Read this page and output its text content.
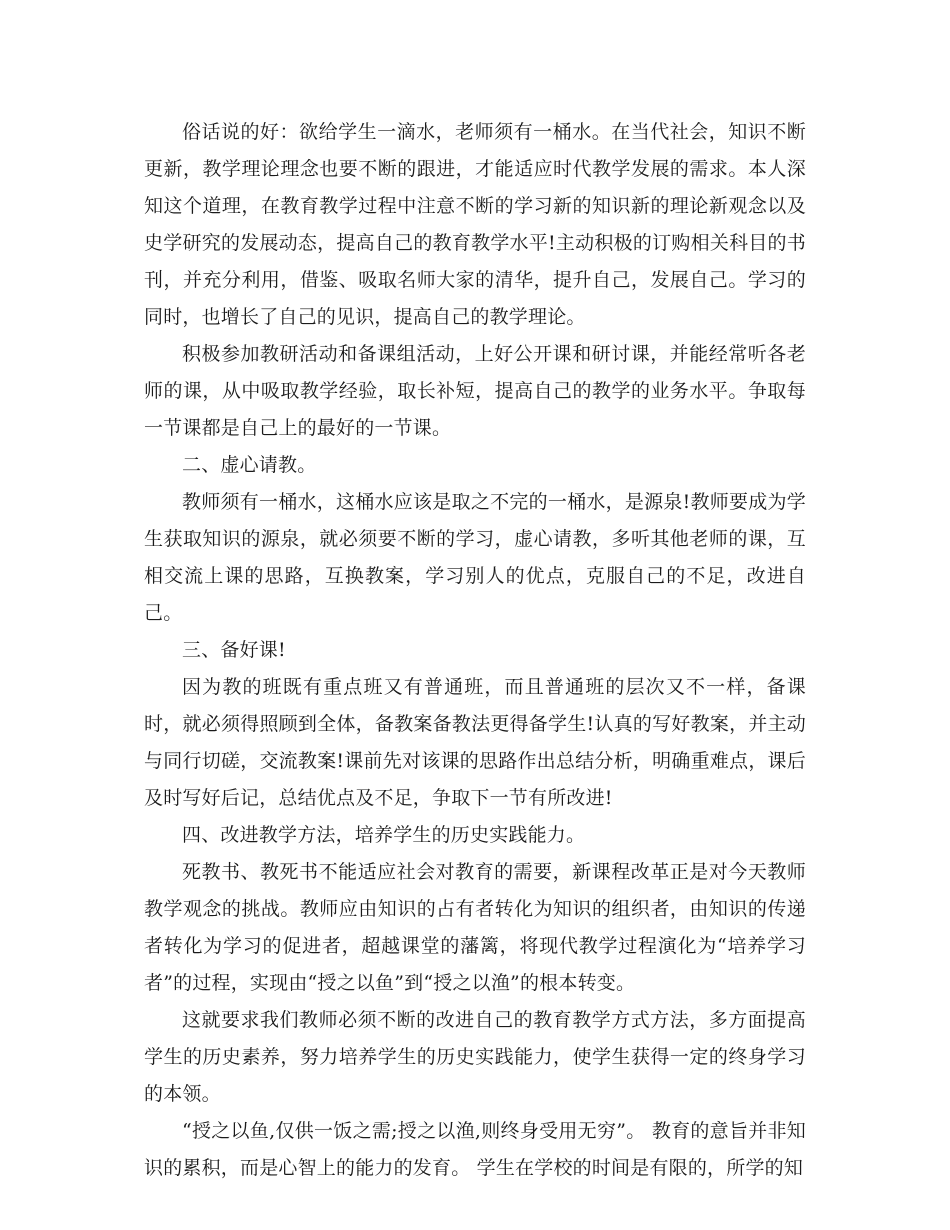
俗话说的好：欲给学生一滴水，老师须有一桶水。在当代社会，知识不断更新，教学理论理念也要不断的跟进，才能适应时代教学发展的需求。本人深知这个道理，在教育教学过程中注意不断的学习新的知识新的理论新观念以及史学研究的发展动态，提高自己的教育教学水平!主动积极的订购相关科目的书刊，并充分利用，借鉴、吸取名师大家的清华，提升自己，发展自己。学习的同时，也增长了自己的见识，提高自己的教学理论。

积极参加教研活动和备课组活动，上好公开课和研讨课，并能经常听各老师的课，从中吸取教学经验，取长补短，提高自己的教学的业务水平。争取每一节课都是自己上的最好的一节课。

二、虚心请教。

教师须有一桶水，这桶水应该是取之不完的一桶水，是源泉!教师要成为学生获取知识的源泉，就必须要不断的学习，虚心请教，多听其他老师的课，互相交流上课的思路，互换教案，学习别人的优点，克服自己的不足，改进自己。

三、备好课!

因为教的班既有重点班又有普通班，而且普通班的层次又不一样，备课时，就必须得照顾到全体，备教案备教法更得备学生!认真的写好教案，并主动与同行切磋，交流教案!课前先对该课的思路作出总结分析，明确重难点，课后及时写好后记，总结优点及不足，争取下一节有所改进!

四、改进教学方法，培养学生的历史实践能力。

死教书、教死书不能适应社会对教育的需要，新课程改革正是对今天教师教学观念的挑战。教师应由知识的占有者转化为知识的组织者，由知识的传递者转化为学习的促进者，超越课堂的藩篱，将现代教学过程演化为“培养学习者”的过程，实现由“授之以鱼”到“授之以渔”的根本转变。

这就要求我们教师必须不断的改进自己的教育教学方式方法，多方面提高学生的历史素养，努力培养学生的历史实践能力，使学生获得一定的终身学习的本领。

“授之以鱼,仅供一饭之需;授之以渔,则终身受用无穷”。 教育的意旨并非知识的累积，而是心智上的能力的发育。 学生在学校的时间是有限的，所学的知
